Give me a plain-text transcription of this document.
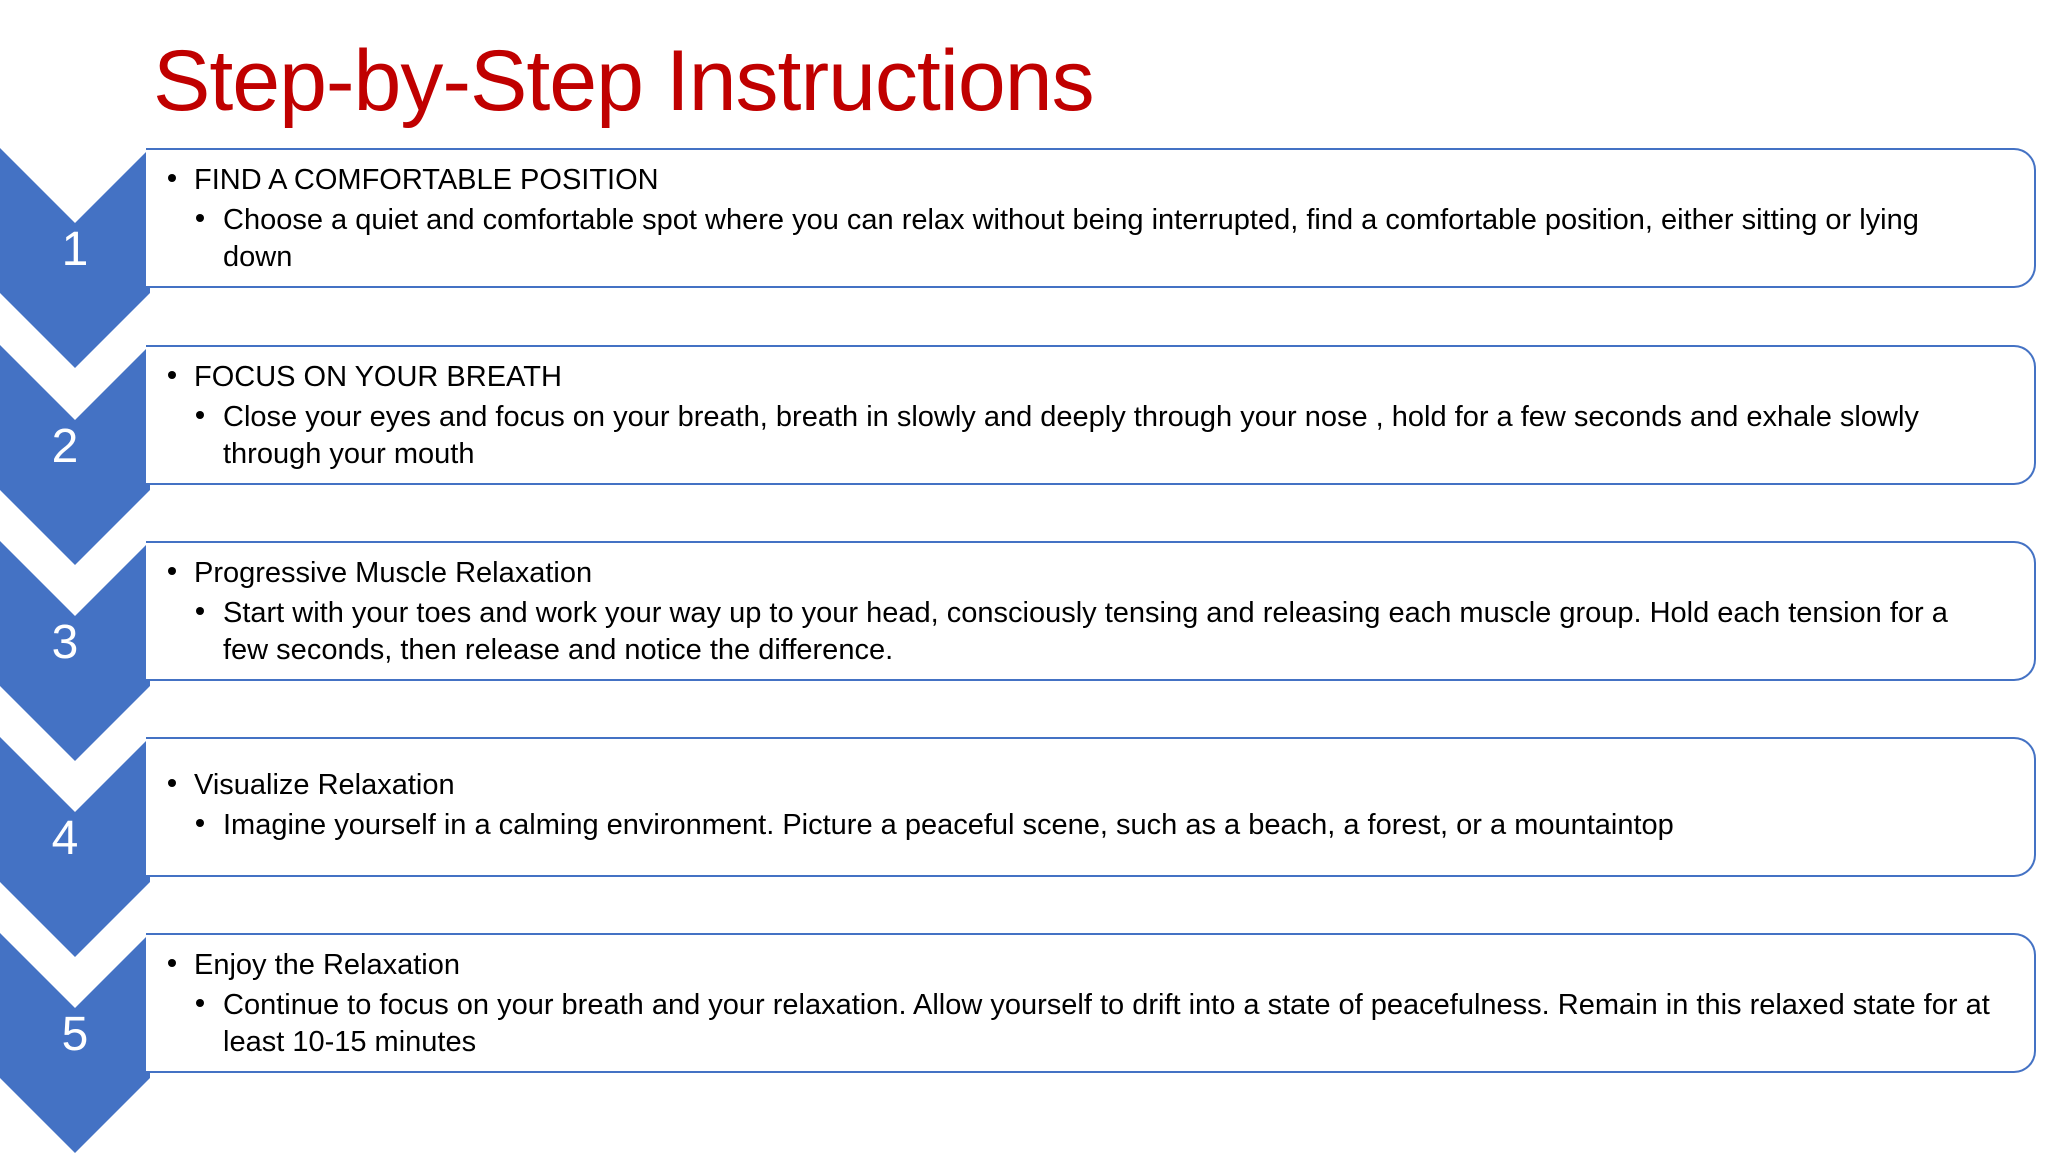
Step-by-Step Instructions
1
FIND A COMFORTABLE POSITION
Choose a quiet and comfortable spot where you can relax without being interrupted, find a comfortable position, either sitting or lying down
2
FOCUS ON YOUR BREATH
Close your eyes and focus on your breath, breath in slowly and deeply through your nose , hold for a few seconds and exhale slowly through your mouth
3
Progressive Muscle Relaxation
Start with your toes and work your way up to your head, consciously tensing and releasing each muscle group. Hold each tension for a few seconds, then release and notice the difference.
4
Visualize Relaxation
Imagine yourself in a calming environment. Picture a peaceful scene, such as a beach, a forest, or a mountaintop
5
Enjoy the Relaxation
Continue to focus on your breath and your relaxation. Allow yourself to drift into a state of peacefulness. Remain in this relaxed state for at least 10-15 minutes
